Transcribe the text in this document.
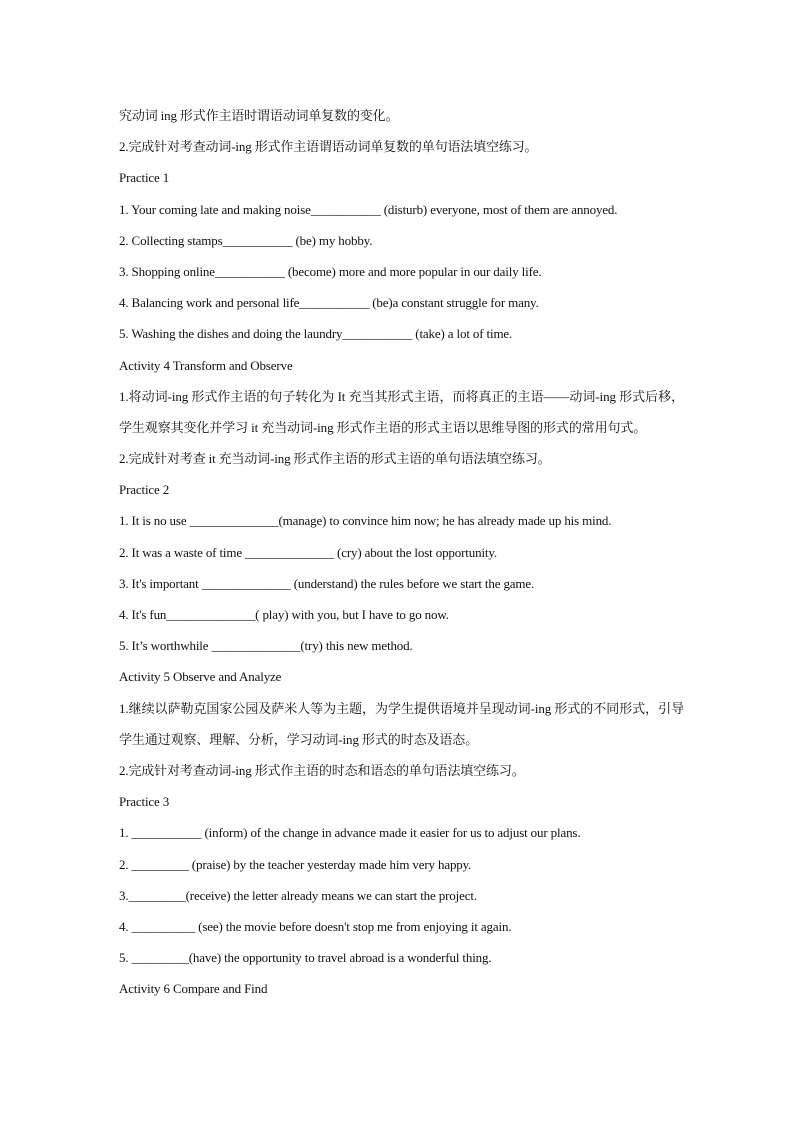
究动词 ing 形式作主语时谓语动词单复数的变化。
2.完成针对考查动词-ing 形式作主语谓语动词单复数的单句语法填空练习。
Practice 1
1. Your coming late and making noise___________ (disturb) everyone, most of them are annoyed.
2. Collecting stamps___________ (be) my hobby.
3. Shopping online___________ (become) more and more popular in our daily life.
4. Balancing work and personal life___________ (be)a constant struggle for many.
5. Washing the dishes and doing the laundry___________ (take) a lot of time.
Activity 4 Transform and Observe
1.将动词-ing 形式作主语的句子转化为 It 充当其形式主语，而将真正的主语——动词-ing 形式后移，学生观察其变化并学习 it 充当动词-ing 形式作主语的形式主语以思维导图的形式的常用句式。
2.完成针对考查 it 充当动词-ing 形式作主语的形式主语的单句语法填空练习。
Practice 2
1. It is no use ______________(manage) to convince him now; he has already made up his mind.
2. It was a waste of time ______________ (cry) about the lost opportunity.
3. It's important ______________ (understand) the rules before we start the game.
4. It's fun______________( play) with you, but I have to go now.
5. It’s worthwhile ______________(try) this new method.
Activity 5 Observe and Analyze
1.继续以萨勒克国家公园及萨米人等为主题，为学生提供语境并呈现动词-ing 形式的不同形式，引导学生通过观察、理解、分析，学习动词-ing 形式的时态及语态。
2.完成针对考查动词-ing 形式作主语的时态和语态的单句语法填空练习。
Practice 3
1. ___________ (inform) of the change in advance made it easier for us to adjust our plans.
2. _________ (praise) by the teacher yesterday made him very happy.
3._________(receive) the letter already means we can start the project.
4. __________ (see) the movie before doesn't stop me from enjoying it again.
5. _________(have) the opportunity to travel abroad is a wonderful thing.
Activity 6 Compare and Find
